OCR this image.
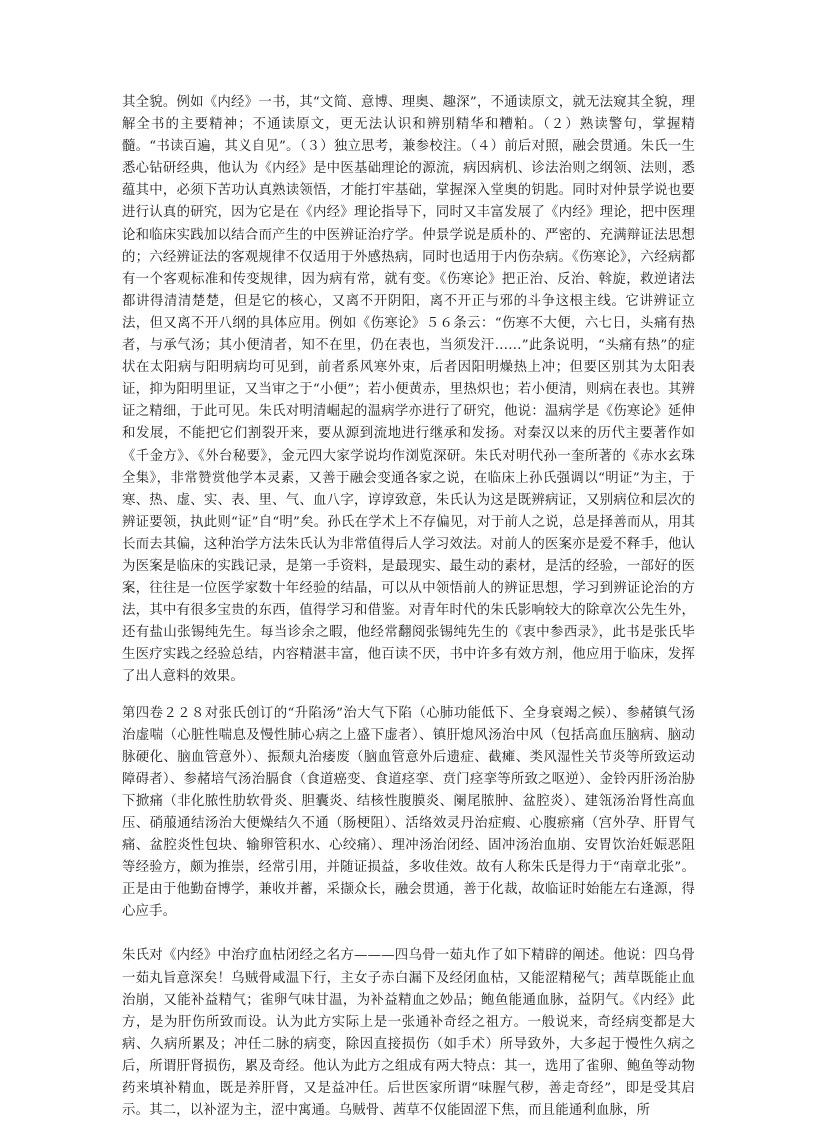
其全貌。例如《内经》一书，其“文简、意博、理奥、趣深”，不通读原文，就无法窥其全貌，理解全书的主要精神；不通读原文，更无法认识和辨别精华和糟粕。（２）熟读警句，掌握精髓。“书读百遍，其义自见”。（３）独立思考，兼参校注。（４）前后对照，融会贯通。朱氏一生悉心钻研经典，他认为《内经》是中医基础理论的源流，病因病机、诊法治则之纲领、法则，悉蕴其中，必须下苦功认真熟读领悟，才能打牢基础，掌握深入堂奥的钥匙。同时对仲景学说也要进行认真的研究，因为它是在《内经》理论指导下，同时又丰富发展了《内经》理论，把中医理论和临床实践加以结合而产生的中医辨证治疗学。仲景学说是质朴的、严密的、充满辩证法思想的；六经辨证法的客观规律不仅适用于外感热病，同时也适用于内伤杂病。《伤寒论》，六经病都有一个客观标准和传变规律，因为病有常，就有变。《伤寒论》把正治、反治、斡旋，救逆诸法都讲得清清楚楚，但是它的核心，又离不开阴阳，离不开正与邪的斗争这根主线。它讲辨证立法，但又离不开八纲的具体应用。例如《伤寒论》５６条云：“伤寒不大便，六七日，头痛有热者，与承气汤；其小便清者，知不在里，仍在表也，当须发汗……”此条说明，“头痛有热”的症状在太阳病与阳明病均可见到，前者系风寒外束，后者因阳明燥热上冲；但要区别其为太阳表证，抑为阳明里证，又当审之于“小便”；若小便黄赤，里热炽也；若小便清，则病在表也。其辨证之精细，于此可见。朱氏对明清崛起的温病学亦进行了研究，他说：温病学是《伤寒论》延伸和发展，不能把它们割裂开来，要从源到流地进行继承和发扬。对秦汉以来的历代主要著作如《千金方》、《外台秘要》，金元四大家学说均作浏览深研。朱氏对明代孙一奎所著的《赤水玄珠全集》，非常赞赏他学本灵素，又善于融会变通各家之说，在临床上孙氏强调以“明证”为主，于寒、热、虚、实、表、里、气、血八字，谆谆致意，朱氏认为这是既辨病证，又别病位和层次的辨证要领，执此则“证”自“明”矣。孙氏在学术上不存偏见，对于前人之说，总是择善而从，用其长而去其偏，这种治学方法朱氏认为非常值得后人学习效法。对前人的医案亦是爱不释手，他认为医案是临床的实践记录，是第一手资料，是最现实、最生动的素材，是活的经验，一部好的医案，往往是一位医学家数十年经验的结晶，可以从中领悟前人的辨证思想，学习到辨证论治的方法，其中有很多宝贵的东西，值得学习和借鉴。对青年时代的朱氏影响较大的除章次公先生外，还有盐山张锡纯先生。每当诊余之暇，他经常翻阅张锡纯先生的《衷中参西录》，此书是张氏毕生医疗实践之经验总结，内容精湛丰富，他百读不厌，书中许多有效方剂，他应用于临床，发挥了出人意料的效果。

第四卷２２８对张氏创订的“升陷汤”治大气下陷（心肺功能低下、全身衰竭之候）、参赭镇气汤治虚喘（心脏性喘息及慢性肺心病之上盛下虚者）、镇肝熄风汤治中风（包括高血压脑病、脑动脉硬化、脑血管意外）、振颓丸治痿废（脑血管意外后遗症、截瘫、类风湿性关节炎等所致运动障碍者）、参赭培气汤治膈食（食道癌变、食道痉挛、贲门痉挛等所致之呕逆）、金铃丙肝汤治胁下掀痛（非化脓性肋软骨炎、胆囊炎、结核性腹膜炎、阑尾脓肿、盆腔炎）、建瓴汤治肾性高血压、硝菔通结汤治大便燥结久不通（肠梗阻）、活络效灵丹治症瘕、心腹瘀痛（宫外孕、肝胃气痛、盆腔炎性包块、输卵管积水、心绞痛）、理冲汤治闭经、固冲汤治血崩、安胃饮治妊娠恶阻等经验方，颇为推崇，经常引用，并随证损益，多收佳效。故有人称朱氏是得力于“南章北张”。正是由于他勤奋博学，兼收并蓄，采撷众长，融会贯通，善于化裁，故临证时始能左右逢源，得心应手。

朱氏对《内经》中治疗血枯闭经之名方———四乌骨一茹丸作了如下精辟的阐述。他说：四乌骨一茹丸旨意深矣！乌贼骨咸温下行，主女子赤白漏下及经闭血枯，又能涩精秘气；茜草既能止血治崩，又能补益精气；雀卵气味甘温，为补益精血之妙品；鲍鱼能通血脉，益阴气。《内经》此方，是为肝伤所致而设。认为此方实际上是一张通补奇经之祖方。一般说来，奇经病变都是大病、久病所累及；冲任二脉的病变，除因直接损伤（如手术）所导致外，大多起于慢性久病之后，所谓肝肾损伤，累及奇经。他认为此方之组成有两大特点：其一，选用了雀卵、鲍鱼等动物药来填补精血，既是养肝肾，又是益冲任。后世医家所谓“味腥气秽，善走奇经”，即是受其启示。其二，以补涩为主，涩中寓通。乌贼骨、茜草不仅能固涩下焦，而且能通利血脉，所
